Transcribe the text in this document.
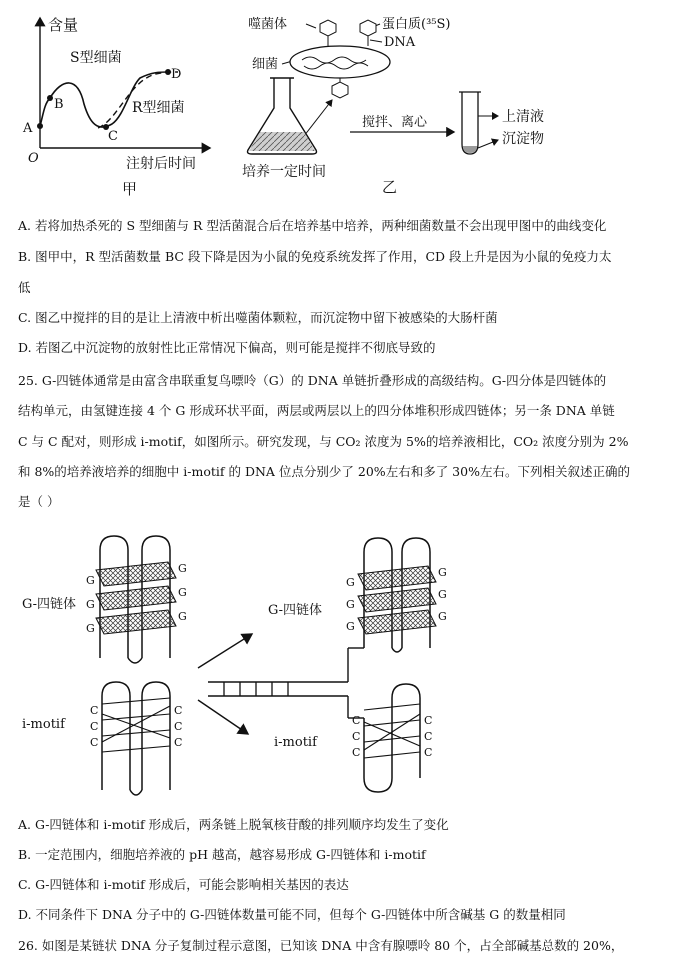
含量
O	注射后时间
甲
A
B
C
D
S型细菌
R型细菌
噬菌体	蛋白质(³⁵S)
DNA
细菌
培养一定时间
搅拌、离心	上清液
沉淀物
乙
A. 若将加热杀死的 S 型细菌与 R 型活菌混合后在培养基中培养，两种细菌数量不会出现甲图中的曲线变化
B. 图甲中，R 型活菌数量 BC 段下降是因为小鼠的免疫系统发挥了作用，CD 段上升是因为小鼠的免疫力太
低
C. 图乙中搅拌的目的是让上清液中析出噬菌体颗粒，而沉淀物中留下被感染的大肠杆菌
D. 若图乙中沉淀物的放射性比正常情况下偏高，则可能是搅拌不彻底导致的
25. G-四链体通常是由富含串联重复鸟嘌呤（G）的 DNA 单链折叠形成的高级结构。G-四分体是四链体的
结构单元，由氢键连接 4 个 G 形成环状平面，两层或两层以上的四分体堆积形成四链体；另一条 DNA 单链
C 与 C 配对，则形成 i-motif，如图所示。研究发现，与 CO₂ 浓度为 5%的培养液相比，CO₂ 浓度分别为 2%
和 8%的培养液培养的细胞中 i-motif 的 DNA 位点分别少了 20%左右和多了 30%左右。下列相关叙述正确的
是（ ）
G
G
G
G
G
G
G-四链体
C
C
C
C
C
C
i-motif
G
G
G
G
G
G
G-四链体
C
C
C
C
C
C
i-motif
A. G-四链体和 i-motif 形成后，两条链上脱氧核苷酸的排列顺序均发生了变化
B. 一定范围内，细胞培养液的 pH 越高，越容易形成 G-四链体和 i-motif
C. G-四链体和 i-motif 形成后，可能会影响相关基因的表达
D. 不同条件下 DNA 分子中的 G-四链体数量可能不同，但每个 G-四链体中所含碱基 G 的数量相同
26. 如图是某链状 DNA 分子复制过程示意图，已知该 DNA 中含有腺嘌呤 80 个，占全部碱基总数的 20%，
